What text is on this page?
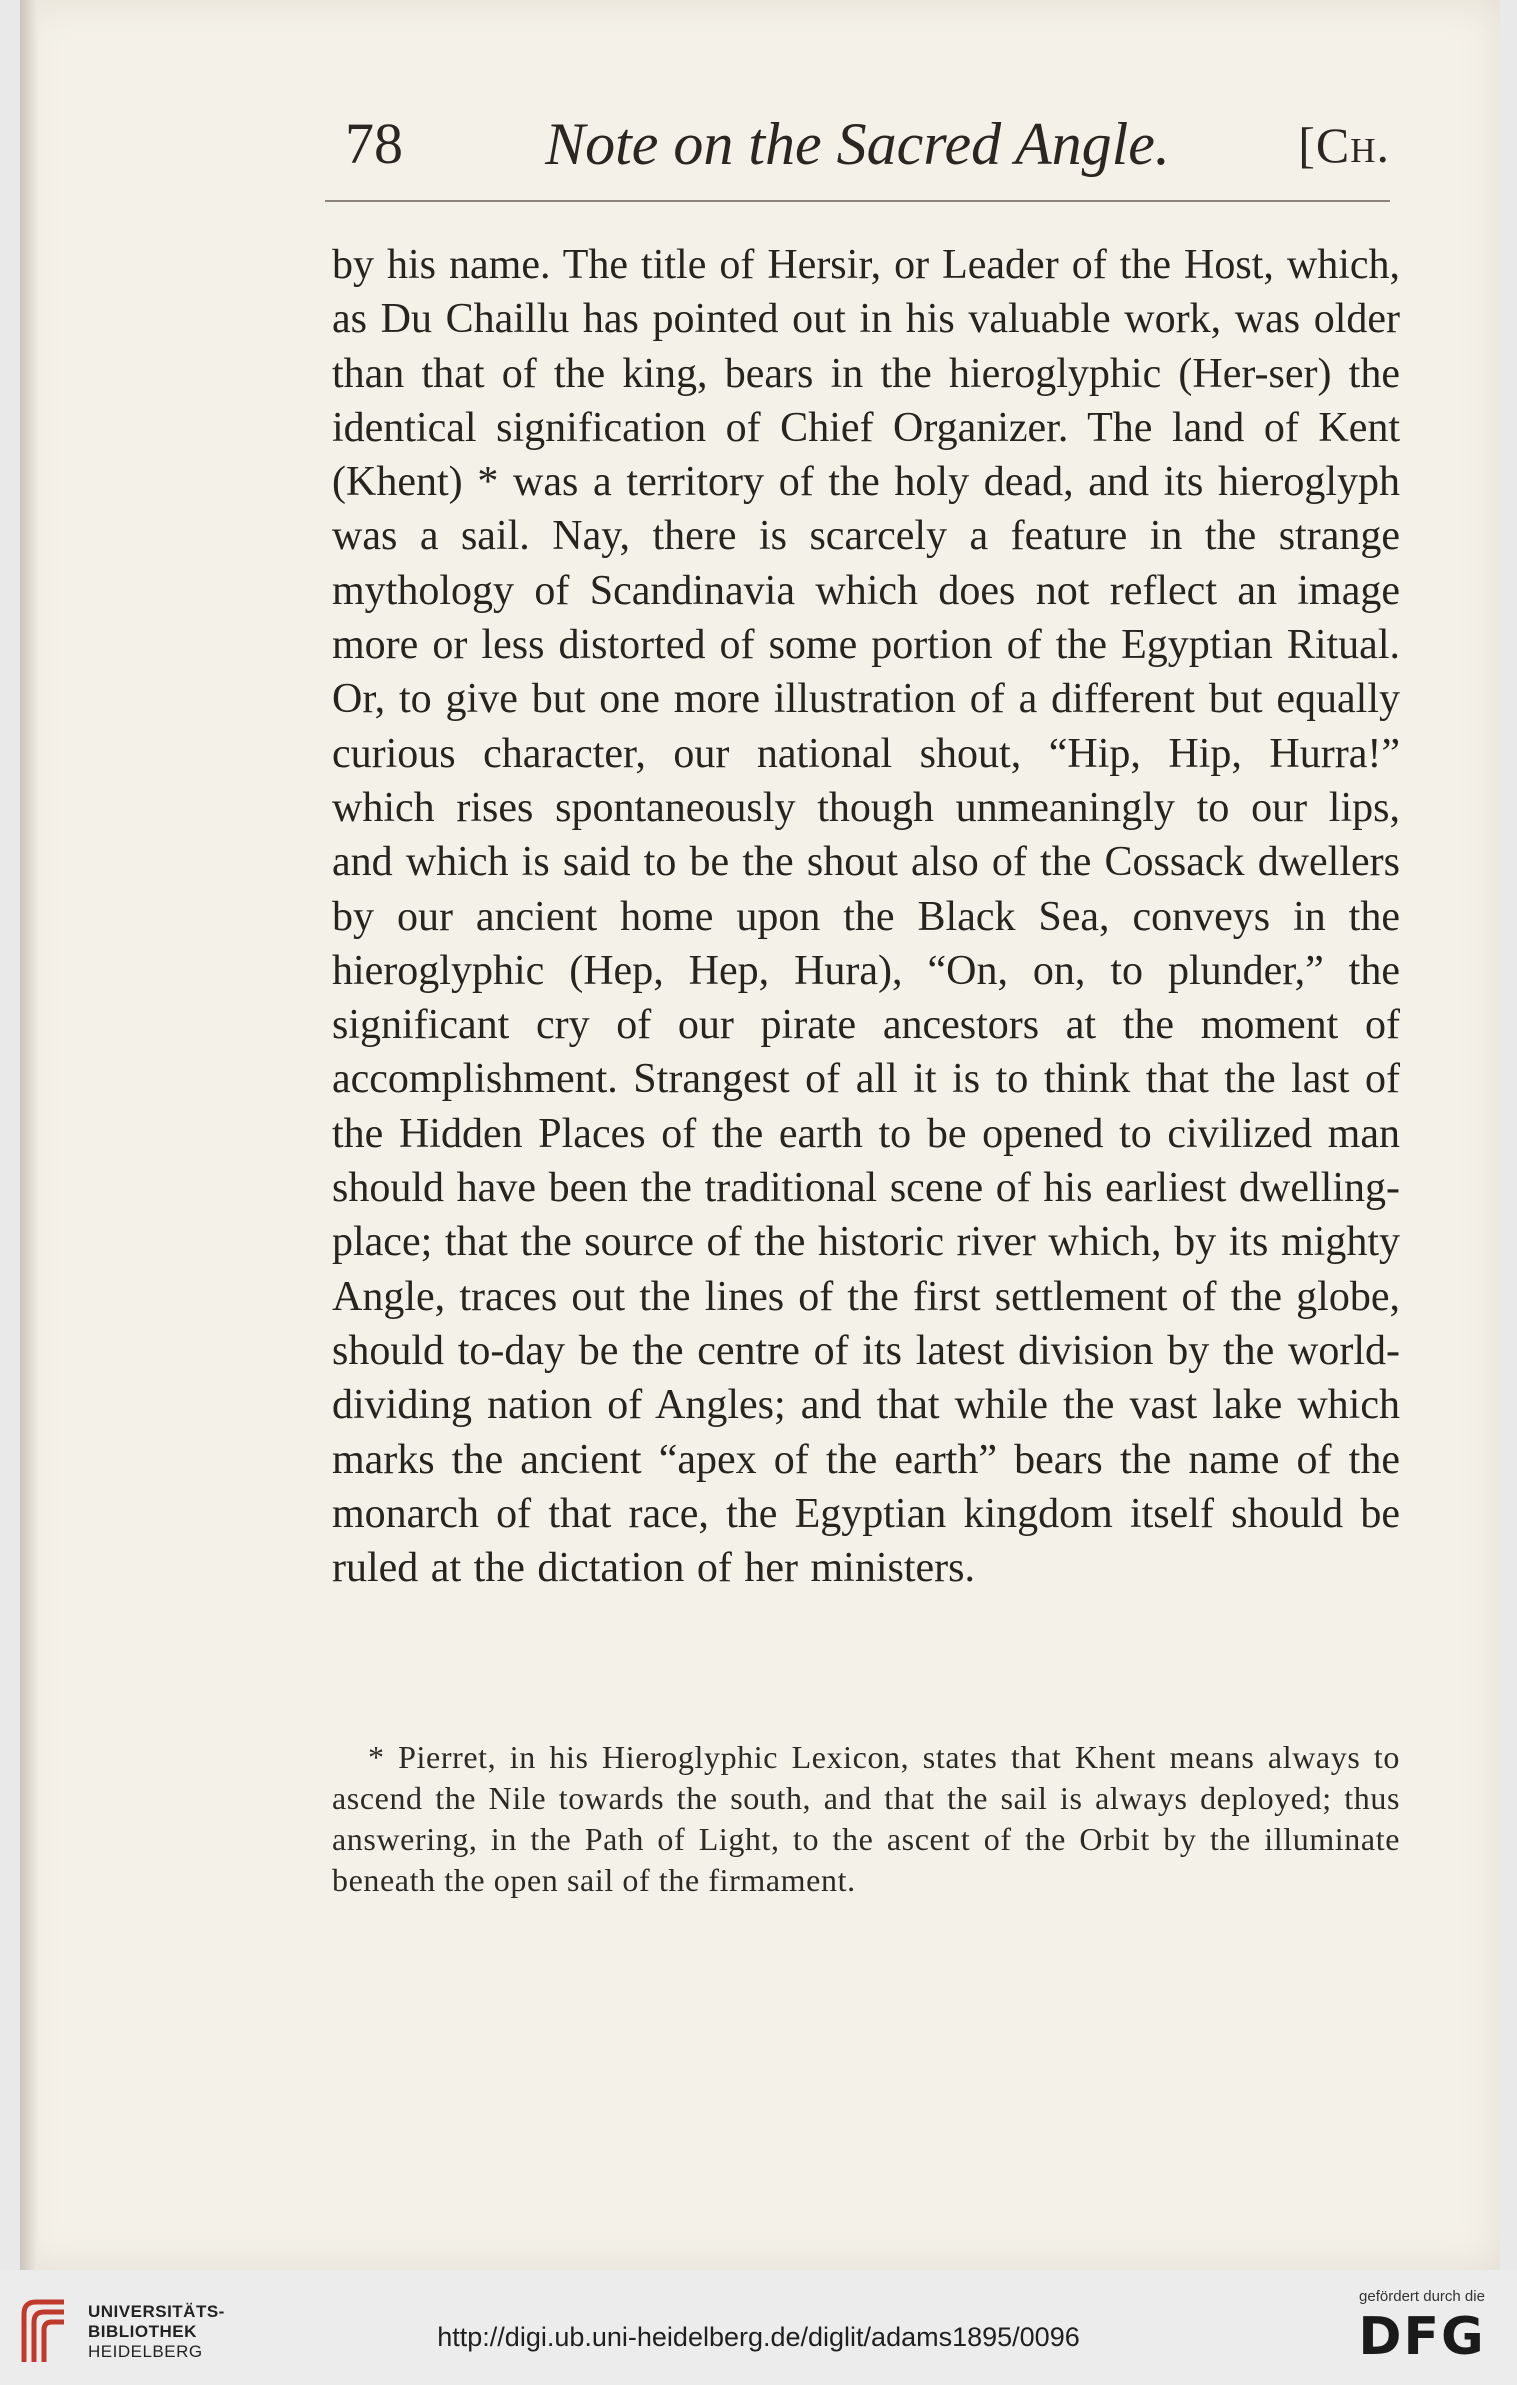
78	Note on the Sacred Angle.	[Ch.
by his name. The title of Hersir, or Leader of the Host, which, as Du Chaillu has pointed out in his valuable work, was older than that of the king, bears in the hieroglyphic (Her-ser) the identical signification of Chief Organizer. The land of Kent (Khent) * was a territory of the holy dead, and its hieroglyph was a sail. Nay, there is scarcely a feature in the strange mythology of Scandinavia which does not reflect an image more or less distorted of some portion of the Egyptian Ritual. Or, to give but one more illustration of a different but equally curious character, our national shout, “Hip, Hip, Hurra!” which rises spontaneously though unmeaningly to our lips, and which is said to be the shout also of the Cossack dwellers by our ancient home upon the Black Sea, conveys in the hieroglyphic (Hep, Hep, Hura), “On, on, to plunder,” the significant cry of our pirate ancestors at the moment of accomplishment. Strangest of all it is to think that the last of the Hidden Places of the earth to be opened to civilized man should have been the traditional scene of his earliest dwelling-place; that the source of the historic river which, by its mighty Angle, traces out the lines of the first settlement of the globe, should to-day be the centre of its latest division by the world-dividing nation of Angles; and that while the vast lake which marks the ancient “apex of the earth” bears the name of the monarch of that race, the Egyptian kingdom itself should be ruled at the dictation of her ministers.
* Pierret, in his Hieroglyphic Lexicon, states that Khent means always to ascend the Nile towards the south, and that the sail is always deployed; thus answering, in the Path of Light, to the ascent of the Orbit by the illuminate beneath the open sail of the firmament.
UNIVERSITÄTS-
BIBLIOTHEK
HEIDELBERG	http://digi.ub.uni-heidelberg.de/diglit/adams1895/0096
gefördert durch die
DFG
